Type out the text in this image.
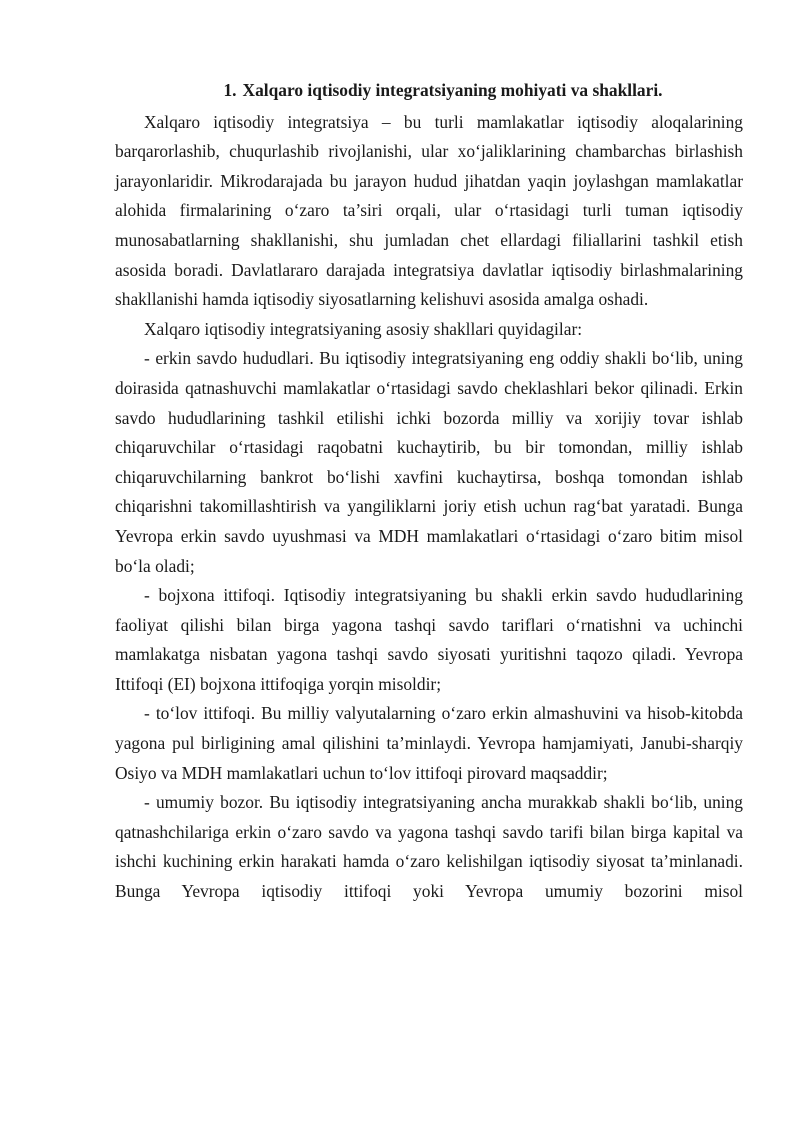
1. Xalqaro iqtisodiy integratsiyaning mohiyati va shakllari.

Xalqaro iqtisodiy integratsiya – bu turli mamlakatlar iqtisodiy aloqalarining barqarorlashib, chuqurlashib rivojlanishi, ular xo‘jaliklarining chambarchas birlashish jarayonlaridir. Mikrodarajada bu jarayon hudud jihatdan yaqin joylashgan mamlakatlar alohida firmalarining o‘zaro ta’siri orqali, ular o‘rtasidagi turli tuman iqtisodiy munosabatlarning shakllanishi, shu jumladan chet ellardagi filiallarini tashkil etish asosida boradi. Davlatlararo darajada integratsiya davlatlar iqtisodiy birlashmalarining shakllanishi hamda iqtisodiy siyosatlarning kelishuvi asosida amalga oshadi.

Xalqaro iqtisodiy integratsiyaning asosiy shakllari quyidagilar:

- erkin savdo hududlari. Bu iqtisodiy integratsiyaning eng oddiy shakli bo‘lib, uning doirasida qatnashuvchi mamlakatlar o‘rtasidagi savdo cheklashlari bekor qilinadi. Erkin savdo hududlarining tashkil etilishi ichki bozorda milliy va xorijiy tovar ishlab chiqaruvchilar o‘rtasidagi raqobatni kuchaytirib, bu bir tomondan, milliy ishlab chiqaruvchilarning bankrot bo‘lishi xavfini kuchaytirsa, boshqa tomondan ishlab chiqarishni takomillashtirish va yangiliklarni joriy etish uchun rag‘bat yaratadi. Bunga Yevropa erkin savdo uyushmasi va MDH mamlakatlari o‘rtasidagi o‘zaro bitim misol bo‘la oladi;

- bojxona ittifoqi. Iqtisodiy integratsiyaning bu shakli erkin savdo hududlarining faoliyat qilishi bilan birga yagona tashqi savdo tariflari o‘rnatishni va uchinchi mamlakatga nisbatan yagona tashqi savdo siyosati yuritishni taqozo qiladi. Yevropa Ittifoqi (EI) bojxona ittifoqiga yorqin misoldir;

- to‘lov ittifoqi. Bu milliy valyutalarning o‘zaro erkin almashuvini va hisob-kitobda yagona pul birligining amal qilishini ta’minlaydi. Yevropa hamjamiyati, Janubi-sharqiy Osiyo va MDH mamlakatlari uchun to‘lov ittifoqi pirovard maqsaddir;

- umumiy bozor. Bu iqtisodiy integratsiyaning ancha murakkab shakli bo‘lib, uning qatnashchilariga erkin o‘zaro savdo va yagona tashqi savdo tarifi bilan birga kapital va ishchi kuchining erkin harakati hamda o‘zaro kelishilgan iqtisodiy siyosat ta’minlanadi. Bunga Yevropa iqtisodiy ittifoqi yoki Yevropa umumiy bozorini misol
